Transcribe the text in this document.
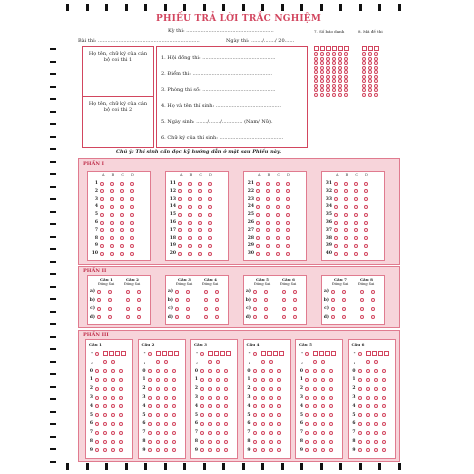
PHIẾU TRẢ LỜI TRẮC NGHIỆM
Kỳ thi: .......................................................
Bài thi: ................................................................	Ngày thi: ......./......./ 20......
7. Số báo danh	8. Mã đề thi
Họ tên, chữ ký của cán bộ coi thi 1
Họ tên, chữ ký của cán bộ coi thi 2
1. Hội đồng thi: ..............................................
2. Điểm thi: ..................................................
3. Phòng thi số: ..............................................
4. Họ và tên thí sinh: .........................................
5. Ngày sinh: ......./......./............. (Nam/ Nữ).
6. Chữ ký của thí sinh: ........................................
Chú ý: Thí sinh cần đọc kỹ hướng dẫn ở mặt sau Phiếu này.
PHẦN I
A B C D
1
2
3
4
5
6
7
8
9
10
A B C D
11
12
13
14
15
16
17
18
19
20
A B C D
21
22
23
24
25
26
27
28
29
30
A B C D
31
32
33
34
35
36
37
38
39
40
PHẦN II
Câu 1
Đúng Sai
Câu 2
Đúng Sai
a)
b)
c)
d)
Câu 3
Đúng Sai
Câu 4
Đúng Sai
a)
b)
c)
d)
Câu 5
Đúng Sai
Câu 6
Đúng Sai
a)
b)
c)
d)
Câu 7
Đúng Sai
Câu 8
Đúng Sai
a)
b)
c)
d)
PHẦN III
Câu 1
-
,
0
1
2
3
4
5
6
7
8
9
Câu 2
-
,
0
1
2
3
4
5
6
7
8
9
Câu 3
-
,
0
1
2
3
4
5
6
7
8
9
Câu 4
-
,
0
1
2
3
4
5
6
7
8
9
Câu 5
-
,
0
1
2
3
4
5
6
7
8
9
Câu 6
-
,
0
1
2
3
4
5
6
7
8
9
